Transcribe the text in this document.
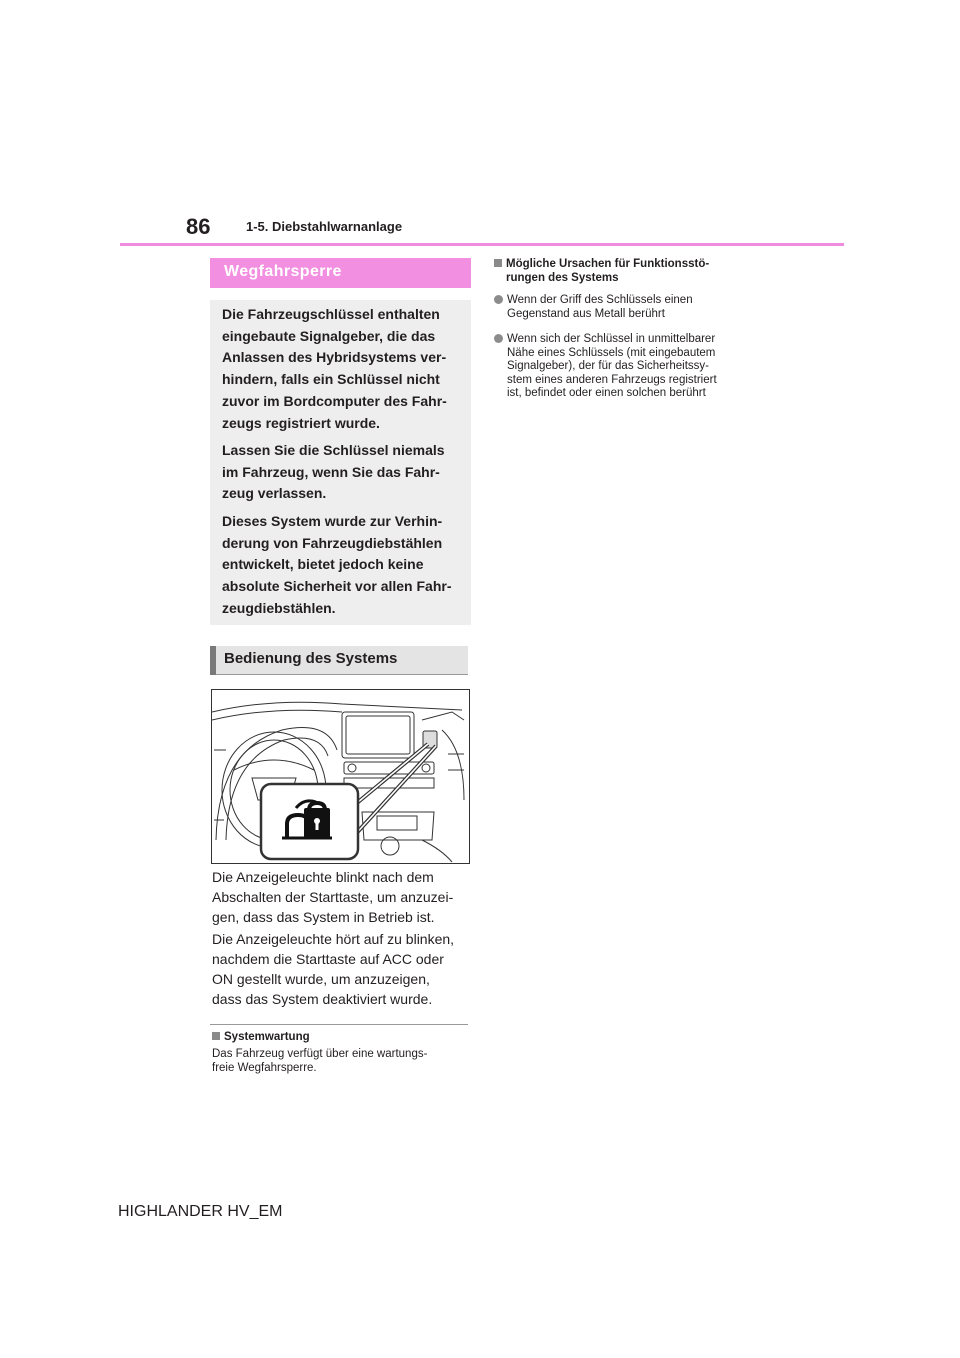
86	1-5. Diebstahlwarnanlage
Wegfahrsperre
Die Fahrzeugschlüssel enthalten
eingebaute Signalgeber, die das
Anlassen des Hybridsystems ver-
hindern, falls ein Schlüssel nicht
zuvor im Bordcomputer des Fahr-
zeugs registriert wurde.
Lassen Sie die Schlüssel niemals
im Fahrzeug, wenn Sie das Fahr-
zeug verlassen.
Dieses System wurde zur Verhin-
derung von Fahrzeugdiebstählen
entwickelt, bietet jedoch keine
absolute Sicherheit vor allen Fahr-
zeugdiebstählen.
Bedienung des Systems
Die Anzeigeleuchte blinkt nach dem
Abschalten der Starttaste, um anzuzei-
gen, dass das System in Betrieb ist.
Die Anzeigeleuchte hört auf zu blinken,
nachdem die Starttaste auf ACC oder
ON gestellt wurde, um anzuzeigen,
dass das System deaktiviert wurde.
Systemwartung
Das Fahrzeug verfügt über eine wartungs-
freie Wegfahrsperre.
Mögliche Ursachen für Funktionsstö-
rungen des Systems
Wenn der Griff des Schlüssels einen
Gegenstand aus Metall berührt
Wenn sich der Schlüssel in unmittelbarer
Nähe eines Schlüssels (mit eingebautem
Signalgeber), der für das Sicherheitssy-
stem eines anderen Fahrzeugs registriert
ist, befindet oder einen solchen berührt
HIGHLANDER HV_EM
